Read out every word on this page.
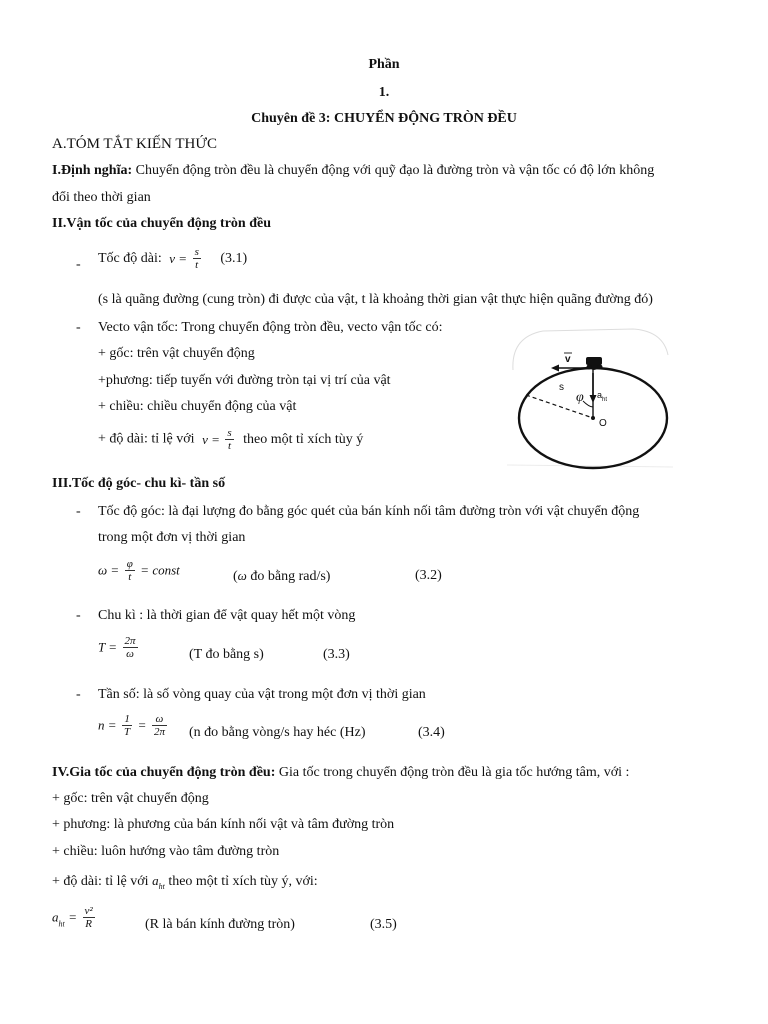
Phần
1.
Chuyên đề 3: CHUYỂN ĐỘNG TRÒN ĐỀU
A.TÓM TẮT KIẾN THỨC
I.Định nghĩa: Chuyển động tròn đều là chuyển động với quỹ đạo là đường tròn và vận tốc có độ lớn không
đổi theo thời gian
II.Vận tốc của chuyển động tròn đều
- Tốc độ dài: $v = \frac{s}{t} (3.1)$
(s là quãng đường (cung tròn) đi được của vật, t là khoảng thời gian vật thực hiện quãng đường đó)
- Vecto vận tốc: Trong chuyển động tròn đều, vecto vận tốc có:
+ gốc: trên vật chuyển động
+phương: tiếp tuyến với đường tròn tại vị trí của vật
+ chiều: chiều chuyển động của vật
+ độ dài: tỉ lệ với $v = \frac{s}{t}$ theo một tỉ xích tùy ý
v
s
φ a ht
O
III.Tốc độ góc- chu kì- tần số
- Tốc độ góc: là đại lượng đo bằng góc quét của bán kính nối tâm đường tròn với vật chuyển động
trong một đơn vị thời gian
$\omega = \frac{\varphi}{t}$ = const	(ω đo bằng rad/s)	(3.2)
- Chu kì : là thời gian để vật quay hết một vòng
$T = \frac{2\pi}{\omega}$	(T đo bằng s)	(3.3)
- Tần số: là số vòng quay của vật trong một đơn vị thời gian
$n = \frac{1}{T} = \frac{\omega}{2\pi} (n$ đo bằng vòng/s hay héc (Hz)	(3.4)
IV.Gia tốc của chuyển động tròn đều: Gia tốc trong chuyển động tròn đều là gia tốc hướng tâm, với :
+ gốc: trên vật chuyển động
+ phương: là phương của bán kính nối vật và tâm đường tròn
+ chiều: luôn hướng vào tâm đường tròn
+ độ dài: tỉ lệ với $a_{ht}$ theo một tỉ xích tùy ý, với:
$a_{ht} = \frac{\text{v²}}{R}$	(R là bán kính đường tròn)	(3.5)
